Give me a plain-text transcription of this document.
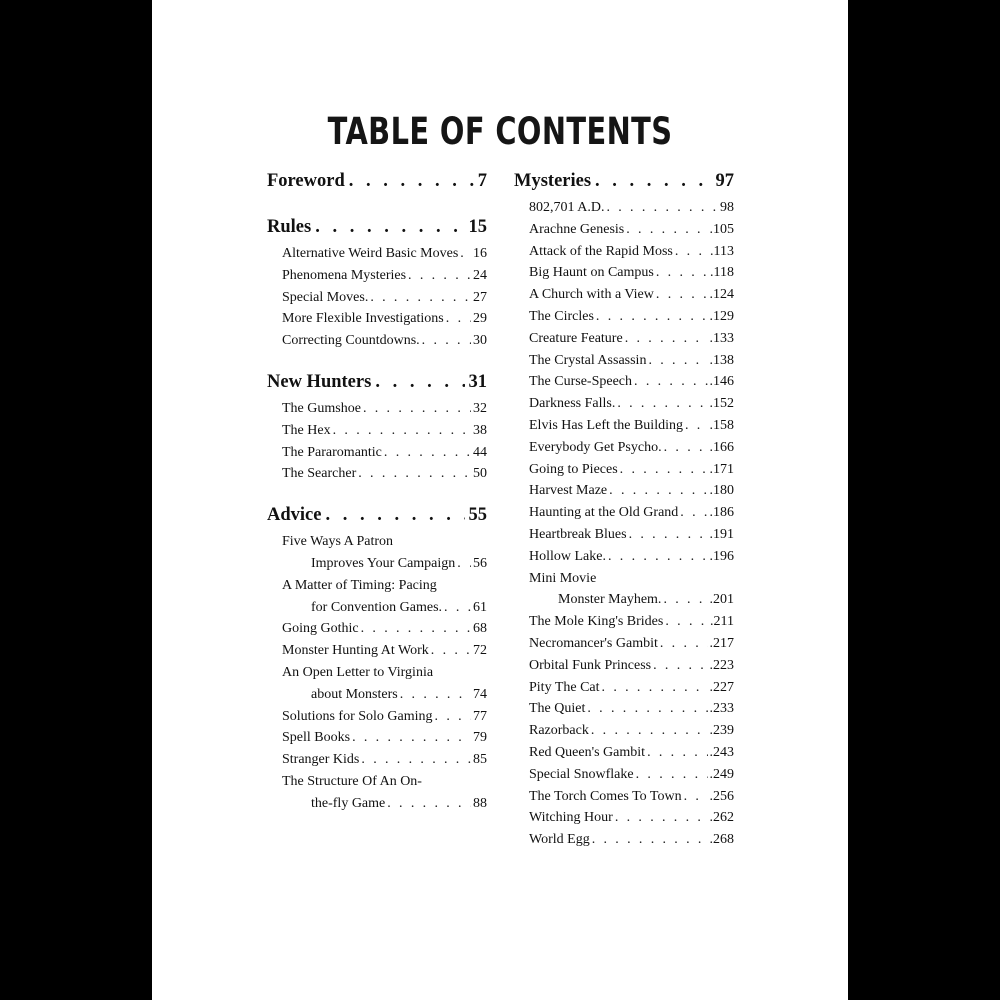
TABLE OF CONTENTS
Foreword . . .	7
Rules . . .	15
Alternative Weird Basic Moves . . . 16
Phenomena Mysteries . . .	24
Special Moves. . . .	27
More Flexible Investigations . . . 29
Correcting Countdowns. . . .	30
New Hunters . . .	31
The Gumshoe . . .	32
The Hex . . .	38
The Pararomantic . . .	44
The Searcher . . .	50
Advice . . .	55
Five Ways A Patron
Improves Your Campaign . . . 56
A Matter of Timing: Pacing
for Convention Games. . . . 61
Going Gothic . . .	68
Monster Hunting At Work . . .	72
An Open Letter to Virginia
about Monsters . . .	74
Solutions for Solo Gaming . . .	77
Spell Books . . .	79
Stranger Kids . . .	85
The Structure Of An On-
the-fly Game . . .	88
Mysteries . . .	97
802,701 A.D. . . .	98
Arachne Genesis . . .	.105
Attack of the Rapid Moss . . .	.113
Big Haunt on Campus . . .	.118
A Church with a View . . .	.124
The Circles . . .	.129
Creature Feature . . .	.133
The Crystal Assassin . . .	.138
The Curse-Speech . . .	.146
Darkness Falls. . . .	.152
Elvis Has Left the Building . . . .158
Everybody Get Psycho. . . .	.166
Going to Pieces . . .	.171
Harvest Maze . . .	.180
Haunting at the Old Grand . . . .186
Heartbreak Blues . . .	.191
Hollow Lake. . . .	.196
Mini Movie
Monster Mayhem. . . .	.201
The Mole King's Brides . . .	.211
Necromancer's Gambit . . .	.217
Orbital Funk Princess . . .	.223
Pity The Cat . . .	.227
The Quiet . . .	.233
Razorback . . .	.239
Red Queen's Gambit . . .	.243
Special Snowflake . . .	.249
The Torch Comes To Town . . . .256
Witching Hour . . .	.262
World Egg . . .	.268
